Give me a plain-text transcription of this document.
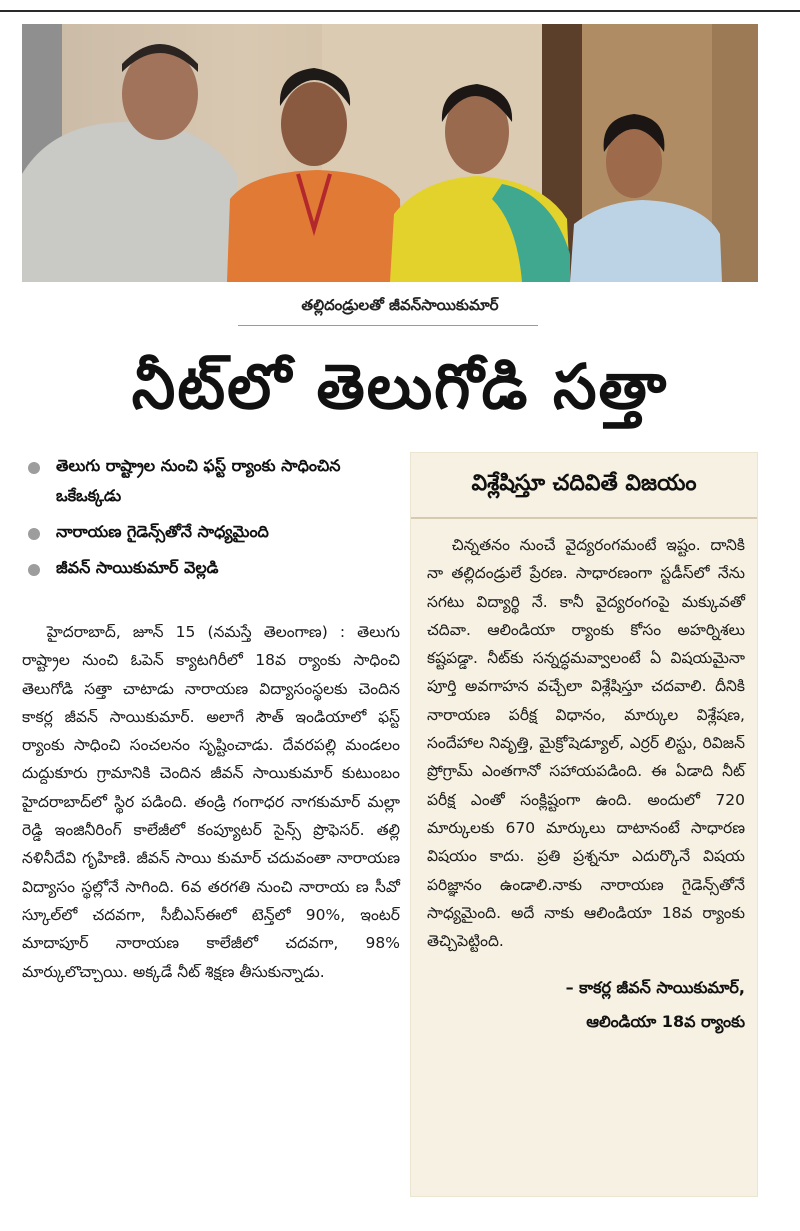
తల్లిదండ్రులతో జీవన్‌సాయికుమార్
నీట్‌లో తెలుగోడి సత్తా
తెలుగు రాష్ట్రాల నుంచి ఫస్ట్ ర్యాంకు సాధించిన ఒకేఒక్కడు
నారాయణ గైడెన్స్‌తోనే సాధ్యమైంది
జీవన్ సాయికుమార్ వెల్లడి
హైదరాబాద్, జూన్ 15 (నమస్తే తెలంగాణ) : తెలుగు రాష్ట్రాల నుంచి ఓపెన్ క్యాటగిరీలో 18వ ర్యాంకు సాధించి తెలుగోడి సత్తా చాటాడు నారాయణ విద్యాసంస్థలకు చెందిన కాకర్ల జీవన్ సాయికుమార్. అలాగే సౌత్ ఇండియాలో ఫస్ట్ ర్యాంకు సాధించి సంచలనం సృష్టించాడు. దేవరపల్లి మండలం దుద్దుకూరు గ్రామానికి చెందిన జీవన్ సాయికుమార్ కుటుంబం హైదరాబాద్‌లో స్థిర పడింది. తండ్రి గంగాధర నాగకుమార్ మల్లా రెడ్డి ఇంజినీరింగ్ కాలేజీలో కంప్యూటర్ సైన్స్ ప్రొఫెసర్. తల్లి నళినీదేవి గృహిణి. జీవన్ సాయి కుమార్ చదువంతా నారాయణ విద్యాసం స్థల్లోనే సాగింది. 6వ తరగతి నుంచి నారాయ ణ సీవో స్కూల్‌లో చదవగా, సీబీఎస్ఈలో టెన్త్‌లో 90%, ఇంటర్ మాదాపూర్ నారాయణ కాలేజీలో చదవగా, 98% మార్కులొచ్చాయి. అక్కడే నీట్ శిక్షణ తీసుకున్నాడు.
విశ్లేషిస్తూ చదివితే విజయం
చిన్నతనం నుంచే వైద్యరంగమంటే ఇష్టం. దానికి నా తల్లిదండ్రులే ప్రేరణ. సాధారణంగా స్టడీస్‌లో నేను సగటు విద్యార్థి నే. కానీ వైద్యరంగంపై మక్కువతో చదివా. ఆలిండియా ర్యాంకు కోసం అహర్నిశలు కష్టపడ్డా. నీట్‌కు సన్నద్ధమవ్వాలంటే ఏ విషయమైనా పూర్తి అవగాహన వచ్చేలా విశ్లేషిస్తూ చదవాలి. దీనికి నారాయణ పరీక్ష విధానం, మార్కుల విశ్లేషణ, సందేహాల నివృత్తి, మైక్రోషెడ్యూల్, ఎర్రర్ లిస్టు, రివిజన్ ప్రోగ్రామ్ ఎంతగానో సహాయపడింది. ఈ ఏడాది నీట్ పరీక్ష ఎంతో సంక్లిష్టంగా ఉంది. అందులో 720 మార్కులకు 670 మార్కులు దాటానంటే సాధారణ విషయం కాదు. ప్రతి ప్రశ్ననూ ఎదుర్కొనే విషయ పరిజ్ఞానం ఉండాలి.నాకు నారాయణ గైడెన్స్‌తోనే సాధ్యమైంది. అదే నాకు ఆలిండియా 18వ ర్యాంకు తెచ్చిపెట్టింది.
– కాకర్ల జీవన్ సాయికుమార్,
ఆలిండియా 18వ ర్యాంకు
